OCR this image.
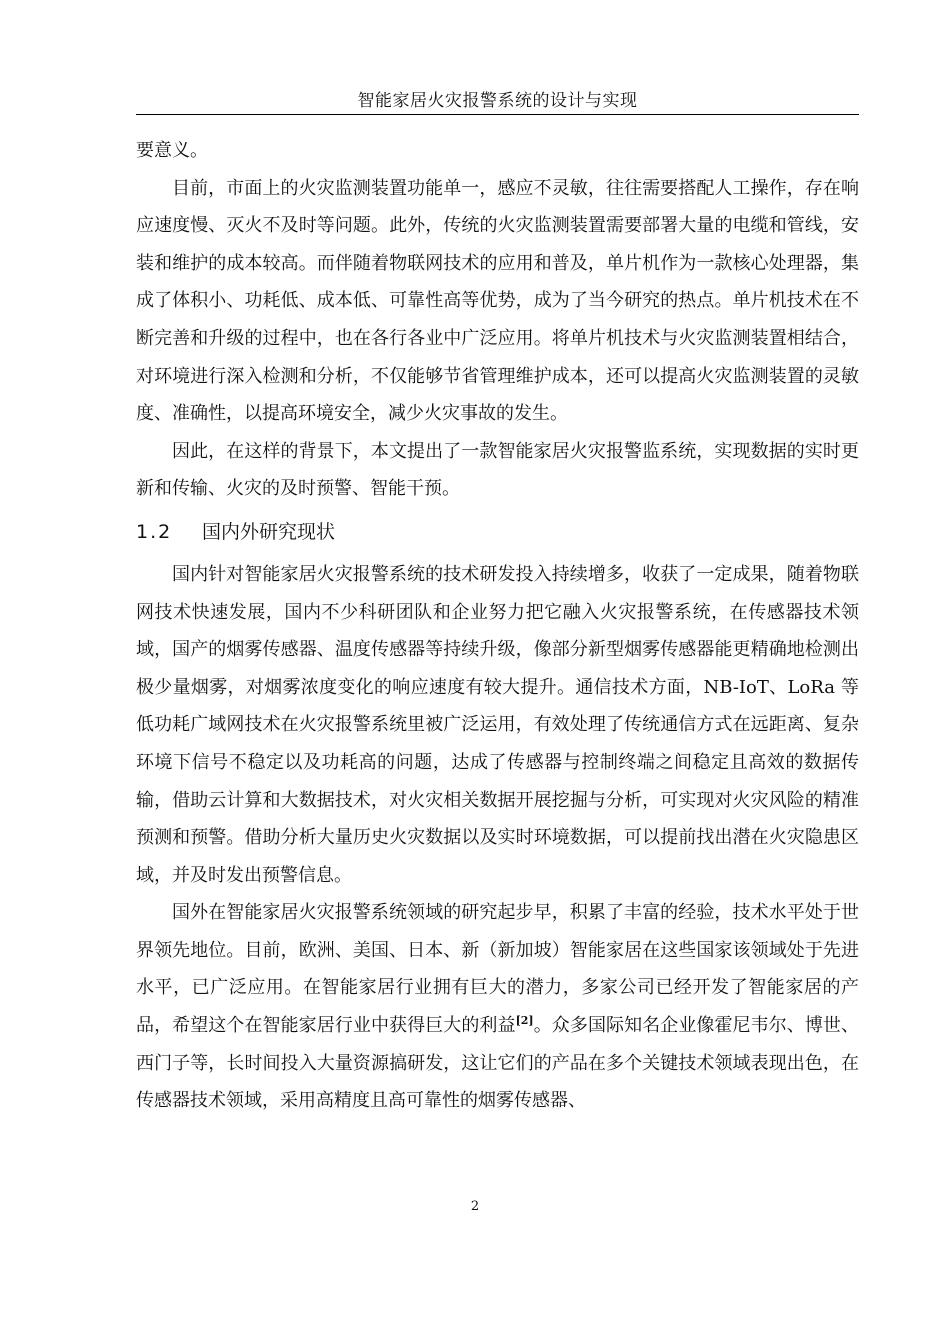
智能家居火灾报警系统的设计与实现

要意义。

目前，市面上的火灾监测装置功能单一，感应不灵敏，往往需要搭配人工操作，存在响应速度慢、灭火不及时等问题。此外，传统的火灾监测装置需要部署大量的电缆和管线，安装和维护的成本较高。而伴随着物联网技术的应用和普及，单片机作为一款核心处理器，集成了体积小、功耗低、成本低、可靠性高等优势，成为了当今研究的热点。单片机技术在不断完善和升级的过程中，也在各行各业中广泛应用。将单片机技术与火灾监测装置相结合，对环境进行深入检测和分析，不仅能够节省管理维护成本，还可以提高火灾监测装置的灵敏度、准确性，以提高环境安全，减少火灾事故的发生。

因此，在这样的背景下，本文提出了一款智能家居火灾报警监系统，实现数据的实时更新和传输、火灾的及时预警、智能干预。

1.2 国内外研究现状

国内针对智能家居火灾报警系统的技术研发投入持续增多，收获了一定成果，随着物联网技术快速发展，国内不少科研团队和企业努力把它融入火灾报警系统，在传感器技术领域，国产的烟雾传感器、温度传感器等持续升级，像部分新型烟雾传感器能更精确地检测出极少量烟雾，对烟雾浓度变化的响应速度有较大提升。通信技术方面，NB-IoT、LoRa 等低功耗广域网技术在火灾报警系统里被广泛运用，有效处理了传统通信方式在远距离、复杂环境下信号不稳定以及功耗高的问题，达成了传感器与控制终端之间稳定且高效的数据传输，借助云计算和大数据技术，对火灾相关数据开展挖掘与分析，可实现对火灾风险的精准预测和预警。借助分析大量历史火灾数据以及实时环境数据，可以提前找出潜在火灾隐患区域，并及时发出预警信息。

国外在智能家居火灾报警系统领域的研究起步早，积累了丰富的经验，技术水平处于世界领先地位。目前，欧洲、美国、日本、新（新加坡）智能家居在这些国家该领域处于先进水平，已广泛应用。在智能家居行业拥有巨大的潜力，多家公司已经开发了智能家居的产品，希望这个在智能家居行业中获得巨大的利益[2]。众多国际知名企业像霍尼韦尔、博世、西门子等，长时间投入大量资源搞研发，这让它们的产品在多个关键技术领域表现出色，在传感器技术领域，采用高精度且高可靠性的烟雾传感器、

2
